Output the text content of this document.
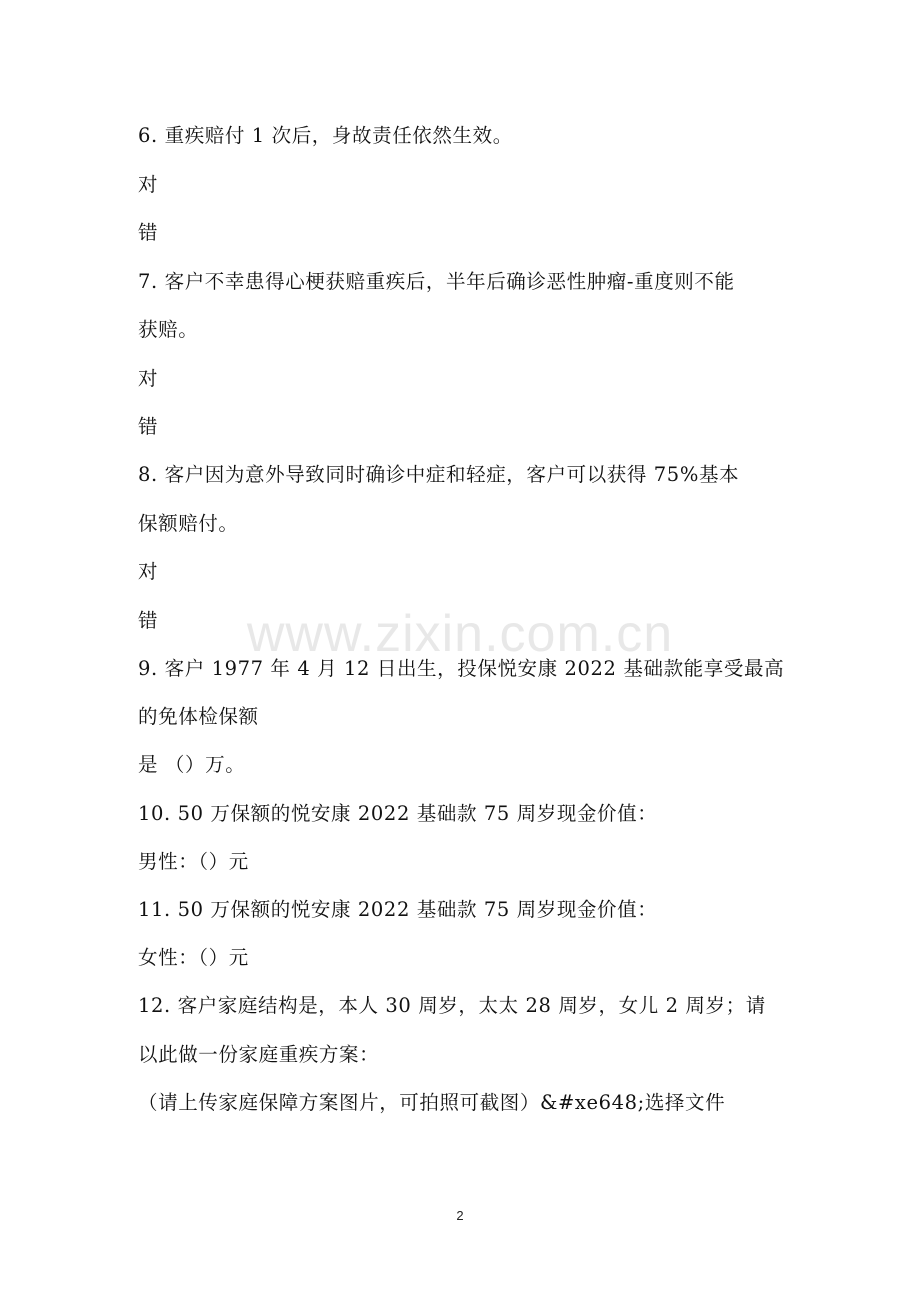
6. 重疾赔付 1 次后，身故责任依然生效。
对
错
7. 客户不幸患得心梗获赔重疾后，半年后确诊恶性肿瘤-重度则不能
获赔。
对
错
8. 客户因为意外导致同时确诊中症和轻症，客户可以获得 75%基本
保额赔付。
对
错
9. 客户 1977 年 4 月 12 日出生，投保悦安康 2022 基础款能享受最高
的免体检保额
是 （）万。
10. 50 万保额的悦安康 2022 基础款 75 周岁现金价值：
男性：（）元
11. 50 万保额的悦安康 2022 基础款 75 周岁现金价值：
女性：（）元
12. 客户家庭结构是，本人 30 周岁，太太 28 周岁，女儿 2 周岁；请
以此做一份家庭重疾方案：
（请上传家庭保障方案图片，可拍照可截图）&#xe648;选择文件
www.zixin.com.cn
2
